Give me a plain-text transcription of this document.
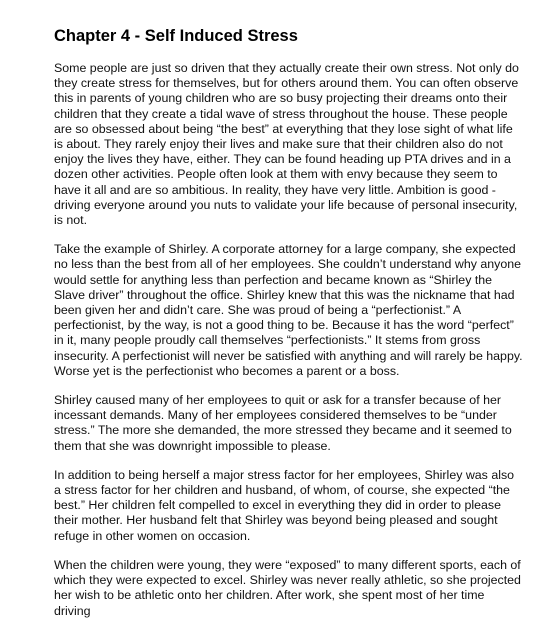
Chapter 4 - Self Induced Stress

Some people are just so driven that they actually create their own stress. Not only do they create stress for themselves, but for others around them. You can often observe this in parents of young children who are so busy projecting their dreams onto their children that they create a tidal wave of stress throughout the house. These people are so obsessed about being “the best” at everything that they lose sight of what life is about. They rarely enjoy their lives and make sure that their children also do not enjoy the lives they have, either. They can be found heading up PTA drives and in a dozen other activities. People often look at them with envy because they seem to have it all and are so ambitious. In reality, they have very little. Ambition is good - driving everyone around you nuts to validate your life because of personal insecurity, is not.

Take the example of Shirley. A corporate attorney for a large company, she expected no less than the best from all of her employees. She couldn’t understand why anyone would settle for anything less than perfection and became known as “Shirley the Slave driver” throughout the office. Shirley knew that this was the nickname that had been given her and didn’t care. She was proud of being a “perfectionist.” A perfectionist, by the way, is not a good thing to be. Because it has the word “perfect” in it, many people proudly call themselves “perfectionists.” It stems from gross insecurity. A perfectionist will never be satisfied with anything and will rarely be happy. Worse yet is the perfectionist who becomes a parent or a boss.

Shirley caused many of her employees to quit or ask for a transfer because of her incessant demands. Many of her employees considered themselves to be “under stress.” The more she demanded, the more stressed they became and it seemed to them that she was downright impossible to please.

In addition to being herself a major stress factor for her employees, Shirley was also a stress factor for her children and husband, of whom, of course, she expected “the best.” Her children felt compelled to excel in everything they did in order to please their mother. Her husband felt that Shirley was beyond being pleased and sought refuge in other women on occasion.

When the children were young, they were “exposed” to many different sports, each of which they were expected to excel. Shirley was never really athletic, so she projected her wish to be athletic onto her children. After work, she spent most of her time driving
